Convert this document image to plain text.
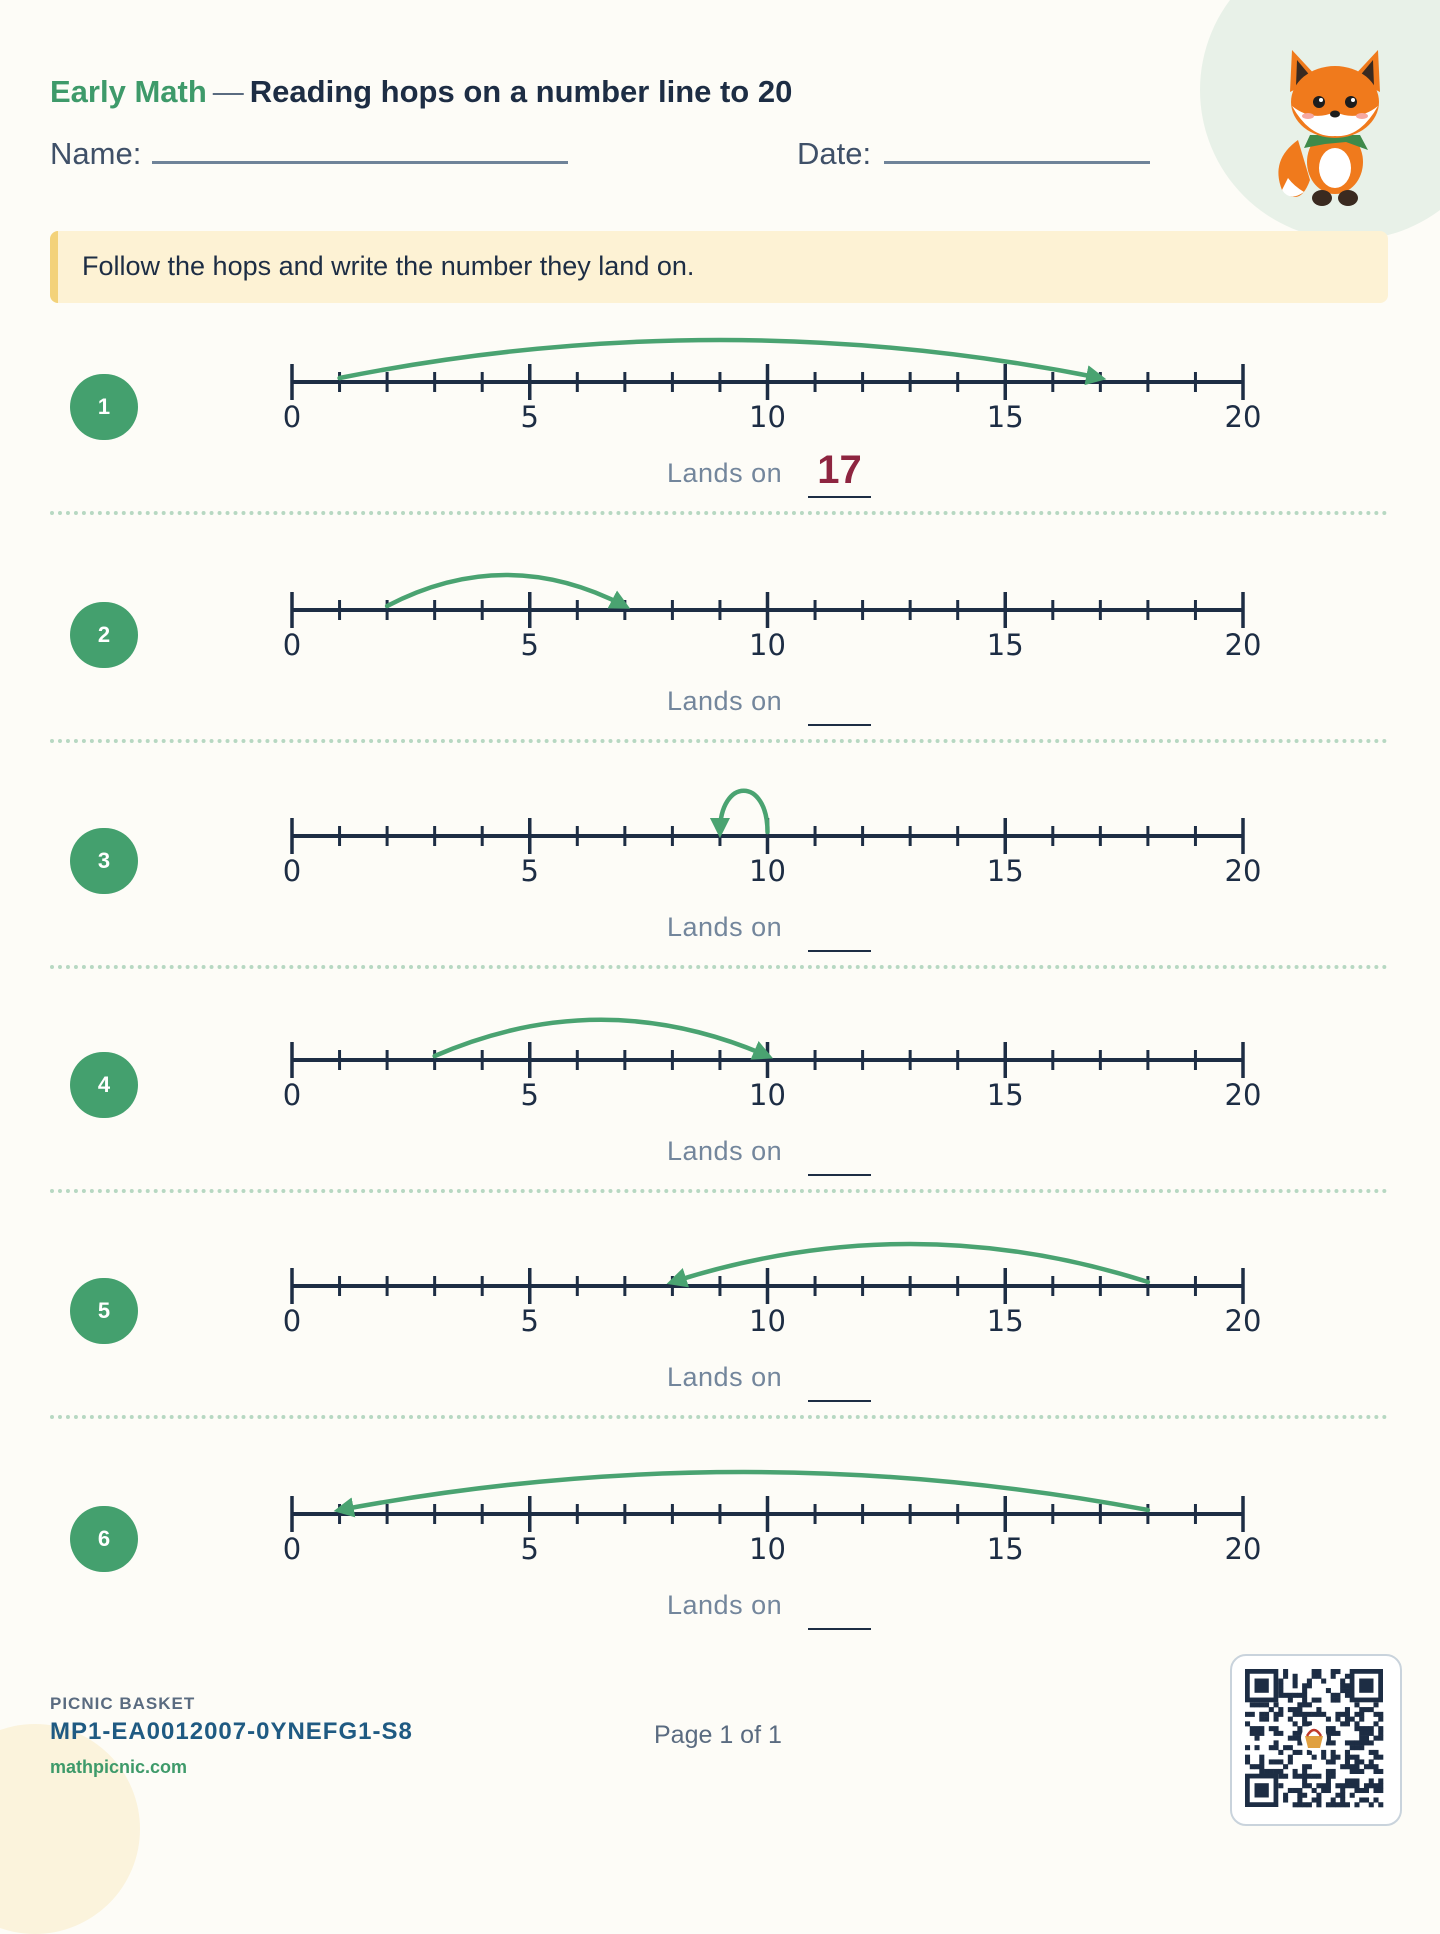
Early Math — Reading hops on a number line to 20
Name:	Date:
Follow the hops and write the number they land on.
1	0	5	10	15	20
Lands on 17
2	0	5	10	15	20
Lands on
3	0	5	10	15	20
Lands on
4	0	5	10	15	20
Lands on
5	0	5	10	15	20
Lands on
6	0	5	10	15	20
Lands on
PICNIC BASKET
MP1-EA0012007-0YNEFG1-S8
mathpicnic.com
Page 1 of 1
